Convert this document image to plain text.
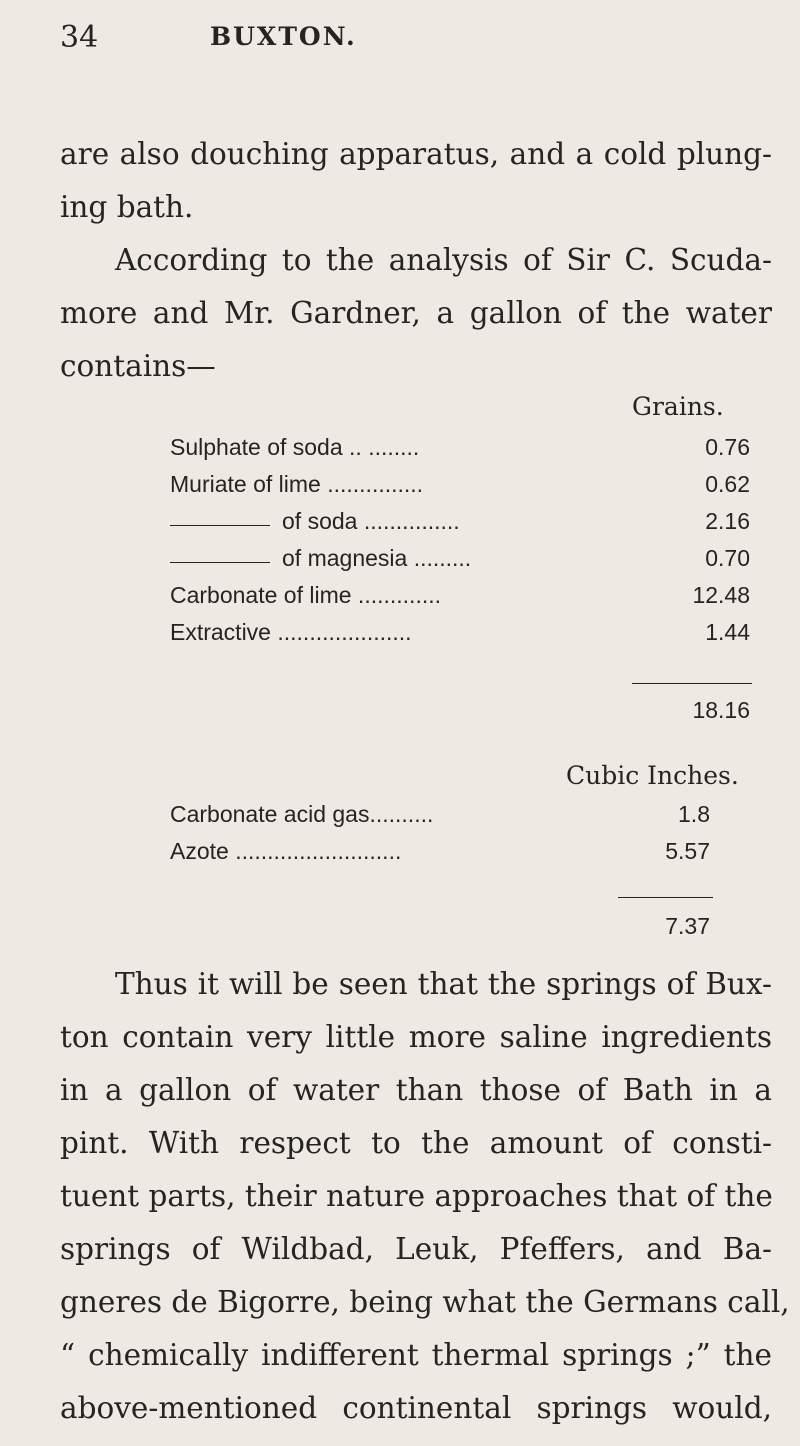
34	BUXTON.
are also douching apparatus, and a cold plung-
ing bath.
According to the analysis of Sir C. Scuda-
more and Mr. Gardner, a gallon of the water
contains—
Grains.
Sulphate of soda .. ........	0.76
Muriate of lime ...............	0.62
of soda ...............	2.16
of magnesia .........	0.70
Carbonate of lime .............	12.48
Extractive .....................	1.44
18.16
Cubic Inches.
Carbonate acid gas..........	1.8
Azote ..........................	5.57
7.37
Thus it will be seen that the springs of Bux-
ton contain very little more saline ingredients
in a gallon of water than those of Bath in a
pint. With respect to the amount of consti-
tuent parts, their nature approaches that of the
springs of Wildbad, Leuk, Pfeffers, and Ba-
gneres de Bigorre, being what the Germans call,
“ chemically indifferent thermal springs ;” the
above-mentioned continental springs would,
